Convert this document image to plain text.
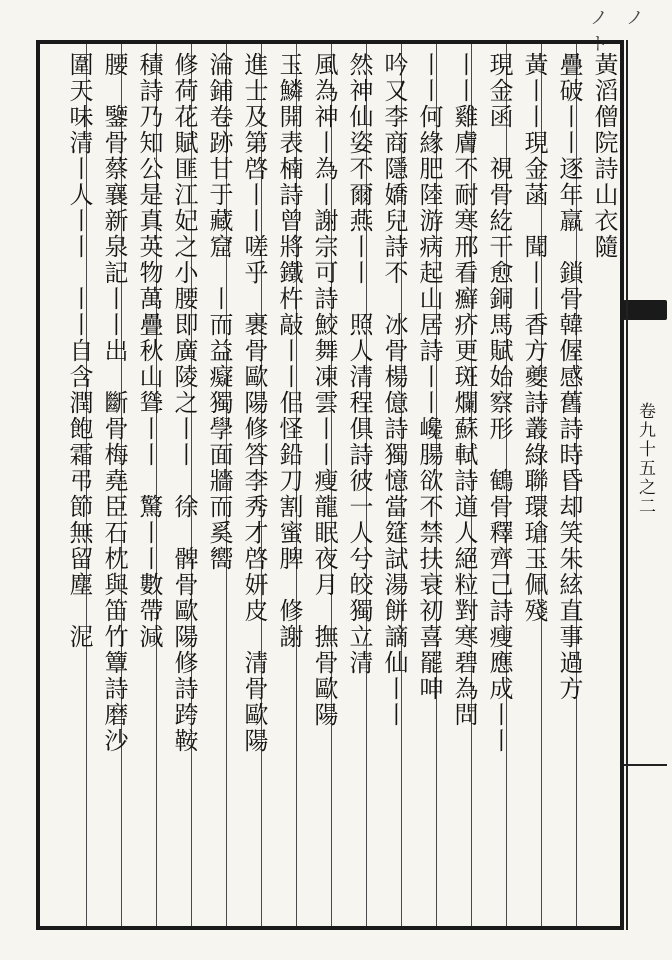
ノ　ノ　ト
卷九十五之二
黃滔僧院詩山衣隨
疊破丨丨逐年羸　鎖骨韓偓感舊詩時昏却笑朱絃直事過方
黃丨丨現金菡　聞丨丨香方夔詩叢綠聯環瑲玉佩殘
現金函　視骨紇干愈銅馬賦始察形　鶴骨釋齊己詩瘦應成丨丨
丨丨雞膚不耐寒邢看癬疥更斑爛蘇軾詩道人絕粒對寒碧為問
丨丨何緣肥陸游病起山居詩丨丨巉腸欲不禁扶衰初喜罷呻
吟又李商隱嬌兒詩不　冰骨楊億詩獨憶當筵試湯餅謫仙丨丨
然神仙姿不爾燕丨丨　照人清程俱詩彼一人兮皎獨立清
風為神丨為丨謝宗可詩鮫舞凍雲丨丨瘦龍眠夜月　撫骨歐陽
玉鱗開表楠詩曾將鐵杵敲丨丨佀怪鉛刀割蜜脾　修謝
進士及第啓丨丨嗟乎　裹骨歐陽修答李秀才啓妍皮　清骨歐陽
淪鋪卷跡甘于藏窟　丨而益癡獨學面牆而奚嚮
修荷花賦匪江妃之小腰即廣陵之丨丨　徐　髀骨歐陽修詩跨鞍
積詩乃知公是真英物萬疊秋山聳丨丨　驚丨丨數帶減
腰　鑒骨蔡襄新泉記丨丨出　斷骨梅堯臣石枕與笛竹簟詩磨沙
圍天味清丨人丨丨　丨丨自含潤飽霜弔節無留塵　泥
